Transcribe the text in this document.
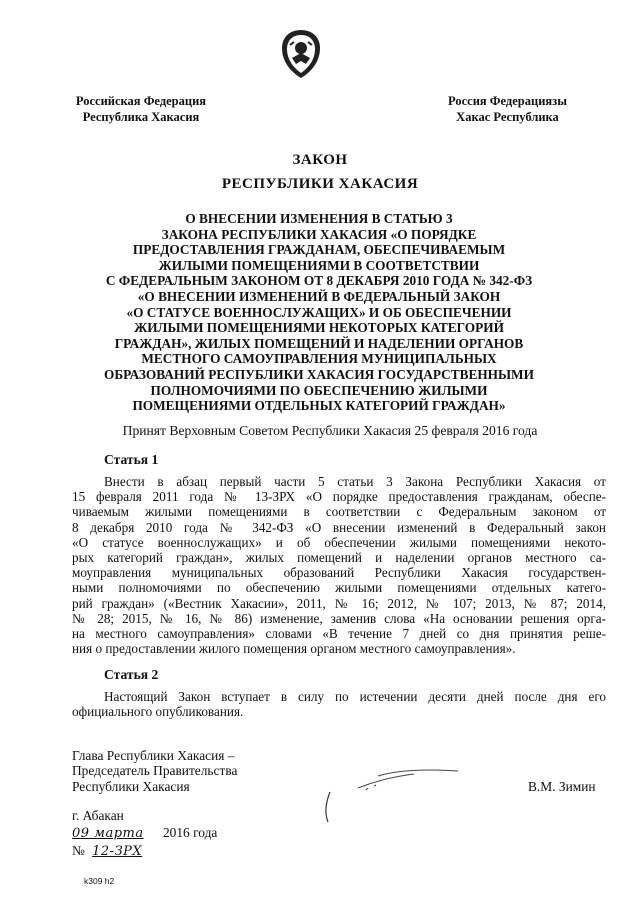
Российская Федерация
Республика Хакасия
Россия Федерациязы
Хакас Республика
ЗАКОН
РЕСПУБЛИКИ ХАКАСИЯ
О ВНЕСЕНИИ ИЗМЕНЕНИЯ В СТАТЬЮ 3
ЗАКОНА РЕСПУБЛИКИ ХАКАСИЯ «О ПОРЯДКЕ
ПРЕДОСТАВЛЕНИЯ ГРАЖДАНАМ, ОБЕСПЕЧИВАЕМЫМ
ЖИЛЫМИ ПОМЕЩЕНИЯМИ В СООТВЕТСТВИИ
С ФЕДЕРАЛЬНЫМ ЗАКОНОМ ОТ 8 ДЕКАБРЯ 2010 ГОДА № 342-ФЗ
«О ВНЕСЕНИИ ИЗМЕНЕНИЙ В ФЕДЕРАЛЬНЫЙ ЗАКОН
«О СТАТУСЕ ВОЕННОСЛУЖАЩИХ» И ОБ ОБЕСПЕЧЕНИИ
ЖИЛЫМИ ПОМЕЩЕНИЯМИ НЕКОТОРЫХ КАТЕГОРИЙ
ГРАЖДАН», ЖИЛЫХ ПОМЕЩЕНИЙ И НАДЕЛЕНИИ ОРГАНОВ
МЕСТНОГО САМОУПРАВЛЕНИЯ МУНИЦИПАЛЬНЫХ
ОБРАЗОВАНИЙ РЕСПУБЛИКИ ХАКАСИЯ ГОСУДАРСТВЕННЫМИ
ПОЛНОМОЧИЯМИ ПО ОБЕСПЕЧЕНИЮ ЖИЛЫМИ
ПОМЕЩЕНИЯМИ ОТДЕЛЬНЫХ КАТЕГОРИЙ ГРАЖДАН»
Принят Верховным Советом Республики Хакасия 25 февраля 2016 года
Статья 1
Внести в абзац первый части 5 статьи 3 Закона Республики Хакасия от
15 февраля 2011 года № 13-ЗРХ «О порядке предоставления гражданам, обеспе-
чиваемым жилыми помещениями в соответствии с Федеральным законом от
8 декабря 2010 года № 342-ФЗ «О внесении изменений в Федеральный закон
«О статусе военнослужащих» и об обеспечении жилыми помещениями некото-
рых категорий граждан», жилых помещений и наделении органов местного са-
моуправления муниципальных образований Республики Хакасия государствен-
ными полномочиями по обеспечению жилыми помещениями отдельных катего-
рий граждан» («Вестник Хакасии», 2011, № 16; 2012, № 107; 2013, № 87; 2014,
№ 28; 2015, № 16, № 86) изменение, заменив слова «На основании решения орга-
на местного самоуправления» словами «В течение 7 дней со дня принятия реше-
ния о предоставлении жилого помещения органом местного самоуправления».
Статья 2
Настоящий Закон вступает в силу по истечении десяти дней после дня его
официального опубликования.
Глава Республики Хакасия –
Председатель Правительства
Республики Хакасия	В.М. Зимин
г. Абакан
09 марта 2016 года
№ 12-ЗРХ
k309 h2
